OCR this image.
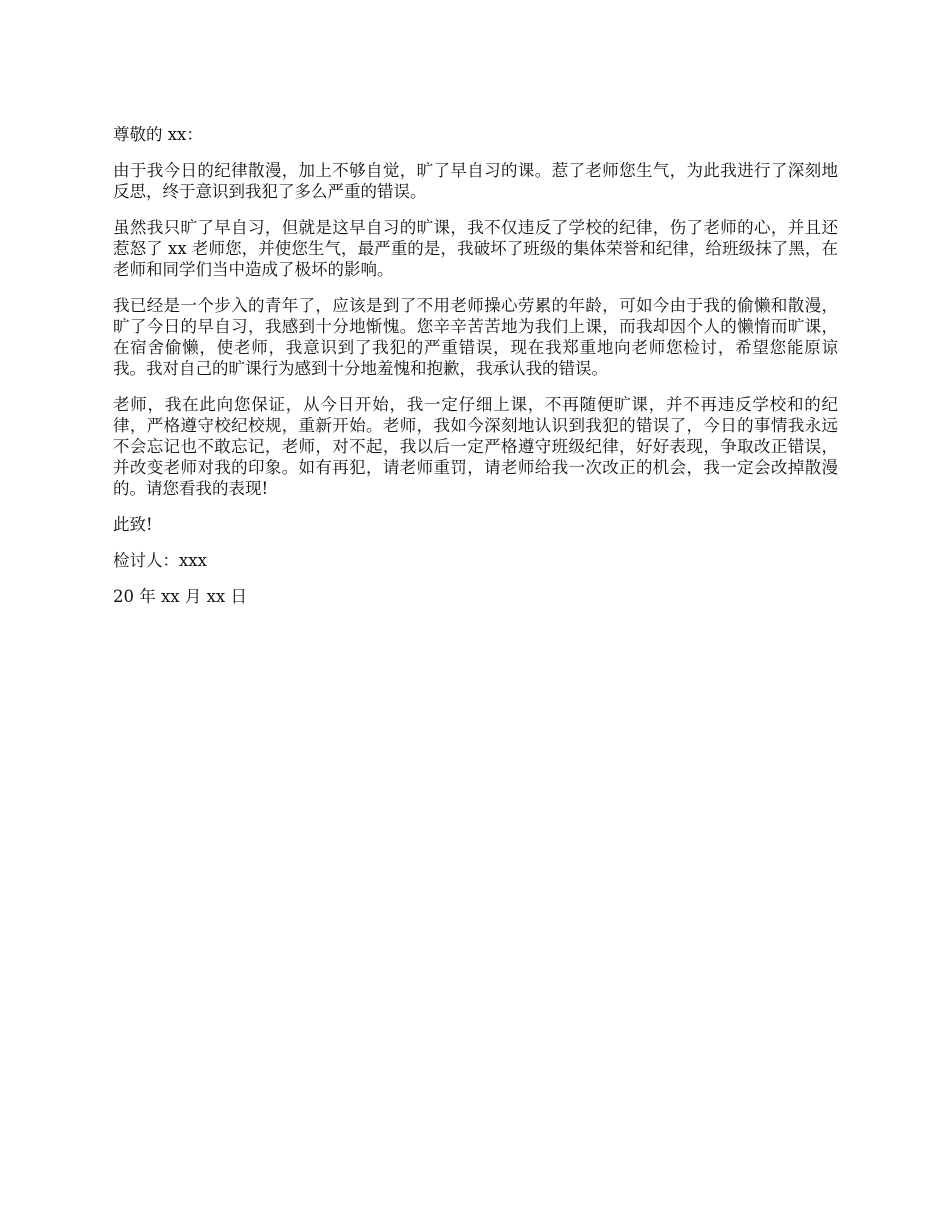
尊敬的 xx：

由于我今日的纪律散漫，加上不够自觉，旷了早自习的课。惹了老师您生气，为此我进行了深刻地反思，终于意识到我犯了多么严重的错误。

虽然我只旷了早自习，但就是这早自习的旷课，我不仅违反了学校的纪律，伤了老师的心，并且还惹怒了 xx 老师您，并使您生气，最严重的是，我破坏了班级的集体荣誉和纪律，给班级抹了黑，在老师和同学们当中造成了极坏的影响。

我已经是一个步入的青年了，应该是到了不用老师操心劳累的年龄，可如今由于我的偷懒和散漫，旷了今日的早自习，我感到十分地惭愧。您辛辛苦苦地为我们上课，而我却因个人的懒惰而旷课，在宿舍偷懒，使老师，我意识到了我犯的严重错误，现在我郑重地向老师您检讨，希望您能原谅我。我对自己的旷课行为感到十分地羞愧和抱歉，我承认我的错误。

老师，我在此向您保证，从今日开始，我一定仔细上课，不再随便旷课，并不再违反学校和的纪律，严格遵守校纪校规，重新开始。老师，我如今深刻地认识到我犯的错误了，今日的事情我永远不会忘记也不敢忘记，老师，对不起，我以后一定严格遵守班级纪律，好好表现，争取改正错误，并改变老师对我的印象。如有再犯，请老师重罚，请老师给我一次改正的机会，我一定会改掉散漫的。请您看我的表现!

此致!

检讨人：xxx

20 年 xx 月 xx 日
